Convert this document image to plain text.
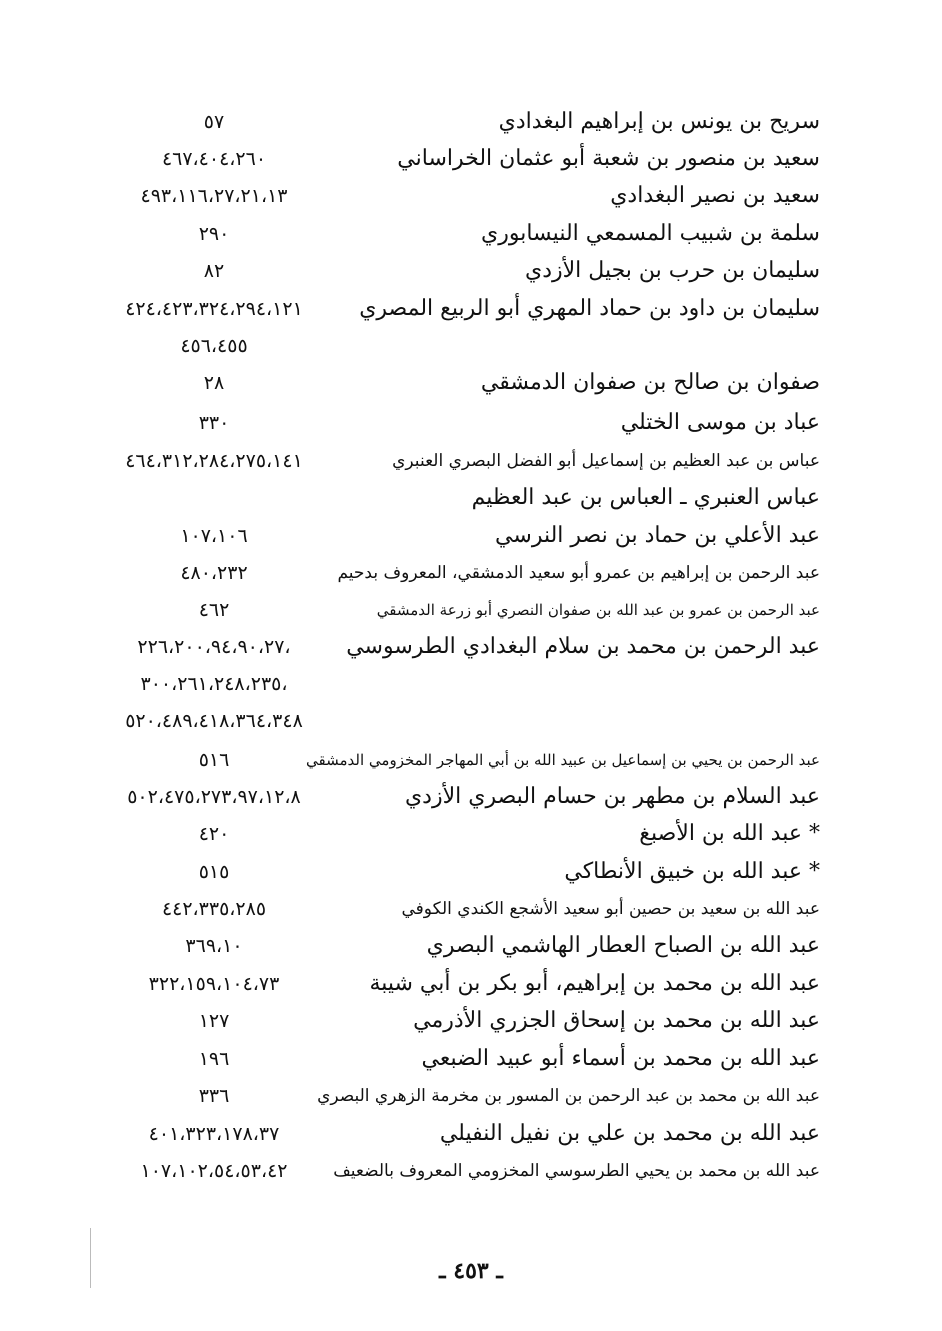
سريح بن يونس بن إبراهيم البغدادي
٥٧
سعيد بن منصور بن شعبة أبو عثمان الخراساني
٤٦٧،٤٠٤،٢٦٠
سعيد بن نصير البغدادي
٤٩٣،١١٦،٢٧،٢١،١٣
سلمة بن شبيب المسمعي النيسابوري
٢٩٠
سليمان بن حرب بن بجيل الأزدي
٨٢
سليمان بن داود بن حماد المهري أبو الربيع المصري
٤٢٤،٤٢٣،٣٢٤،٢٩٤،١٢١
٤٥٦،٤٥٥
صفوان بن صالح بن صفوان الدمشقي
٢٨
عباد بن موسى الختلي
٣٣٠
عباس بن عبد العظيم بن إسماعيل أبو الفضل البصري العنبري
٤٦٤،٣١٢،٢٨٤،٢٧٥،١٤١
عباس العنبري ـ العباس بن عبد العظيم
عبد الأعلي بن حماد بن نصر النرسي
١٠٧،١٠٦
عبد الرحمن بن إبراهيم بن عمرو أبو سعيد الدمشقي، المعروف بدحيم
٤٨٠،٢٣٢
عبد الرحمن بن عمرو بن عبد الله بن صفوان النصري أبو زرعة الدمشقي
٤٦٢
عبد الرحمن بن محمد بن سلام البغدادي الطرسوسي
،٢٢٦،٢٠٠،٩٤،٩٠،٢٧
،٣٠٠،٢٦١،٢٤٨،٢٣٥
٥٢٠،٤٨٩،٤١٨،٣٦٤،٣٤٨
عبد الرحمن بن يحيي بن إسماعيل بن عبيد الله بن أبي المهاجر المخزومي الدمشقي
٥١٦
عبد السلام بن مطهر بن حسام البصري الأزدي
٥٠٢،٤٧٥،٢٧٣،٩٧،١٢،٨
* عبد الله بن الأصبغ
٤٢٠
* عبد الله بن خبيق الأنطاكي
٥١٥
عبد الله بن سعيد بن حصين أبو سعيد الأشجع الكندي الكوفي
٤٤٢،٣٣٥،٢٨٥
عبد الله بن الصباح العطار الهاشمي البصري
٣٦٩،١٠
عبد الله بن محمد بن إبراهيم، أبو بكر بن أبي شيبة
٣٢٢،١٥٩،١٠٤،٧٣
عبد الله بن محمد بن إسحاق الجزري الأذرمي
١٢٧
عبد الله بن محمد بن أسماء أبو عبيد الضبعي
١٩٦
عبد الله بن محمد بن عبد الرحمن بن المسور بن مخرمة الزهري البصري
٣٣٦
عبد الله بن محمد بن علي بن نفيل النفيلي
٤٠١،٣٢٣،١٧٨،٣٧
عبد الله بن محمد بن يحيي الطرسوسي المخزومي المعروف بالضعيف
١٠٧،١٠٢،٥٤،٥٣،٤٢
ـ ٤٥٣ ـ
